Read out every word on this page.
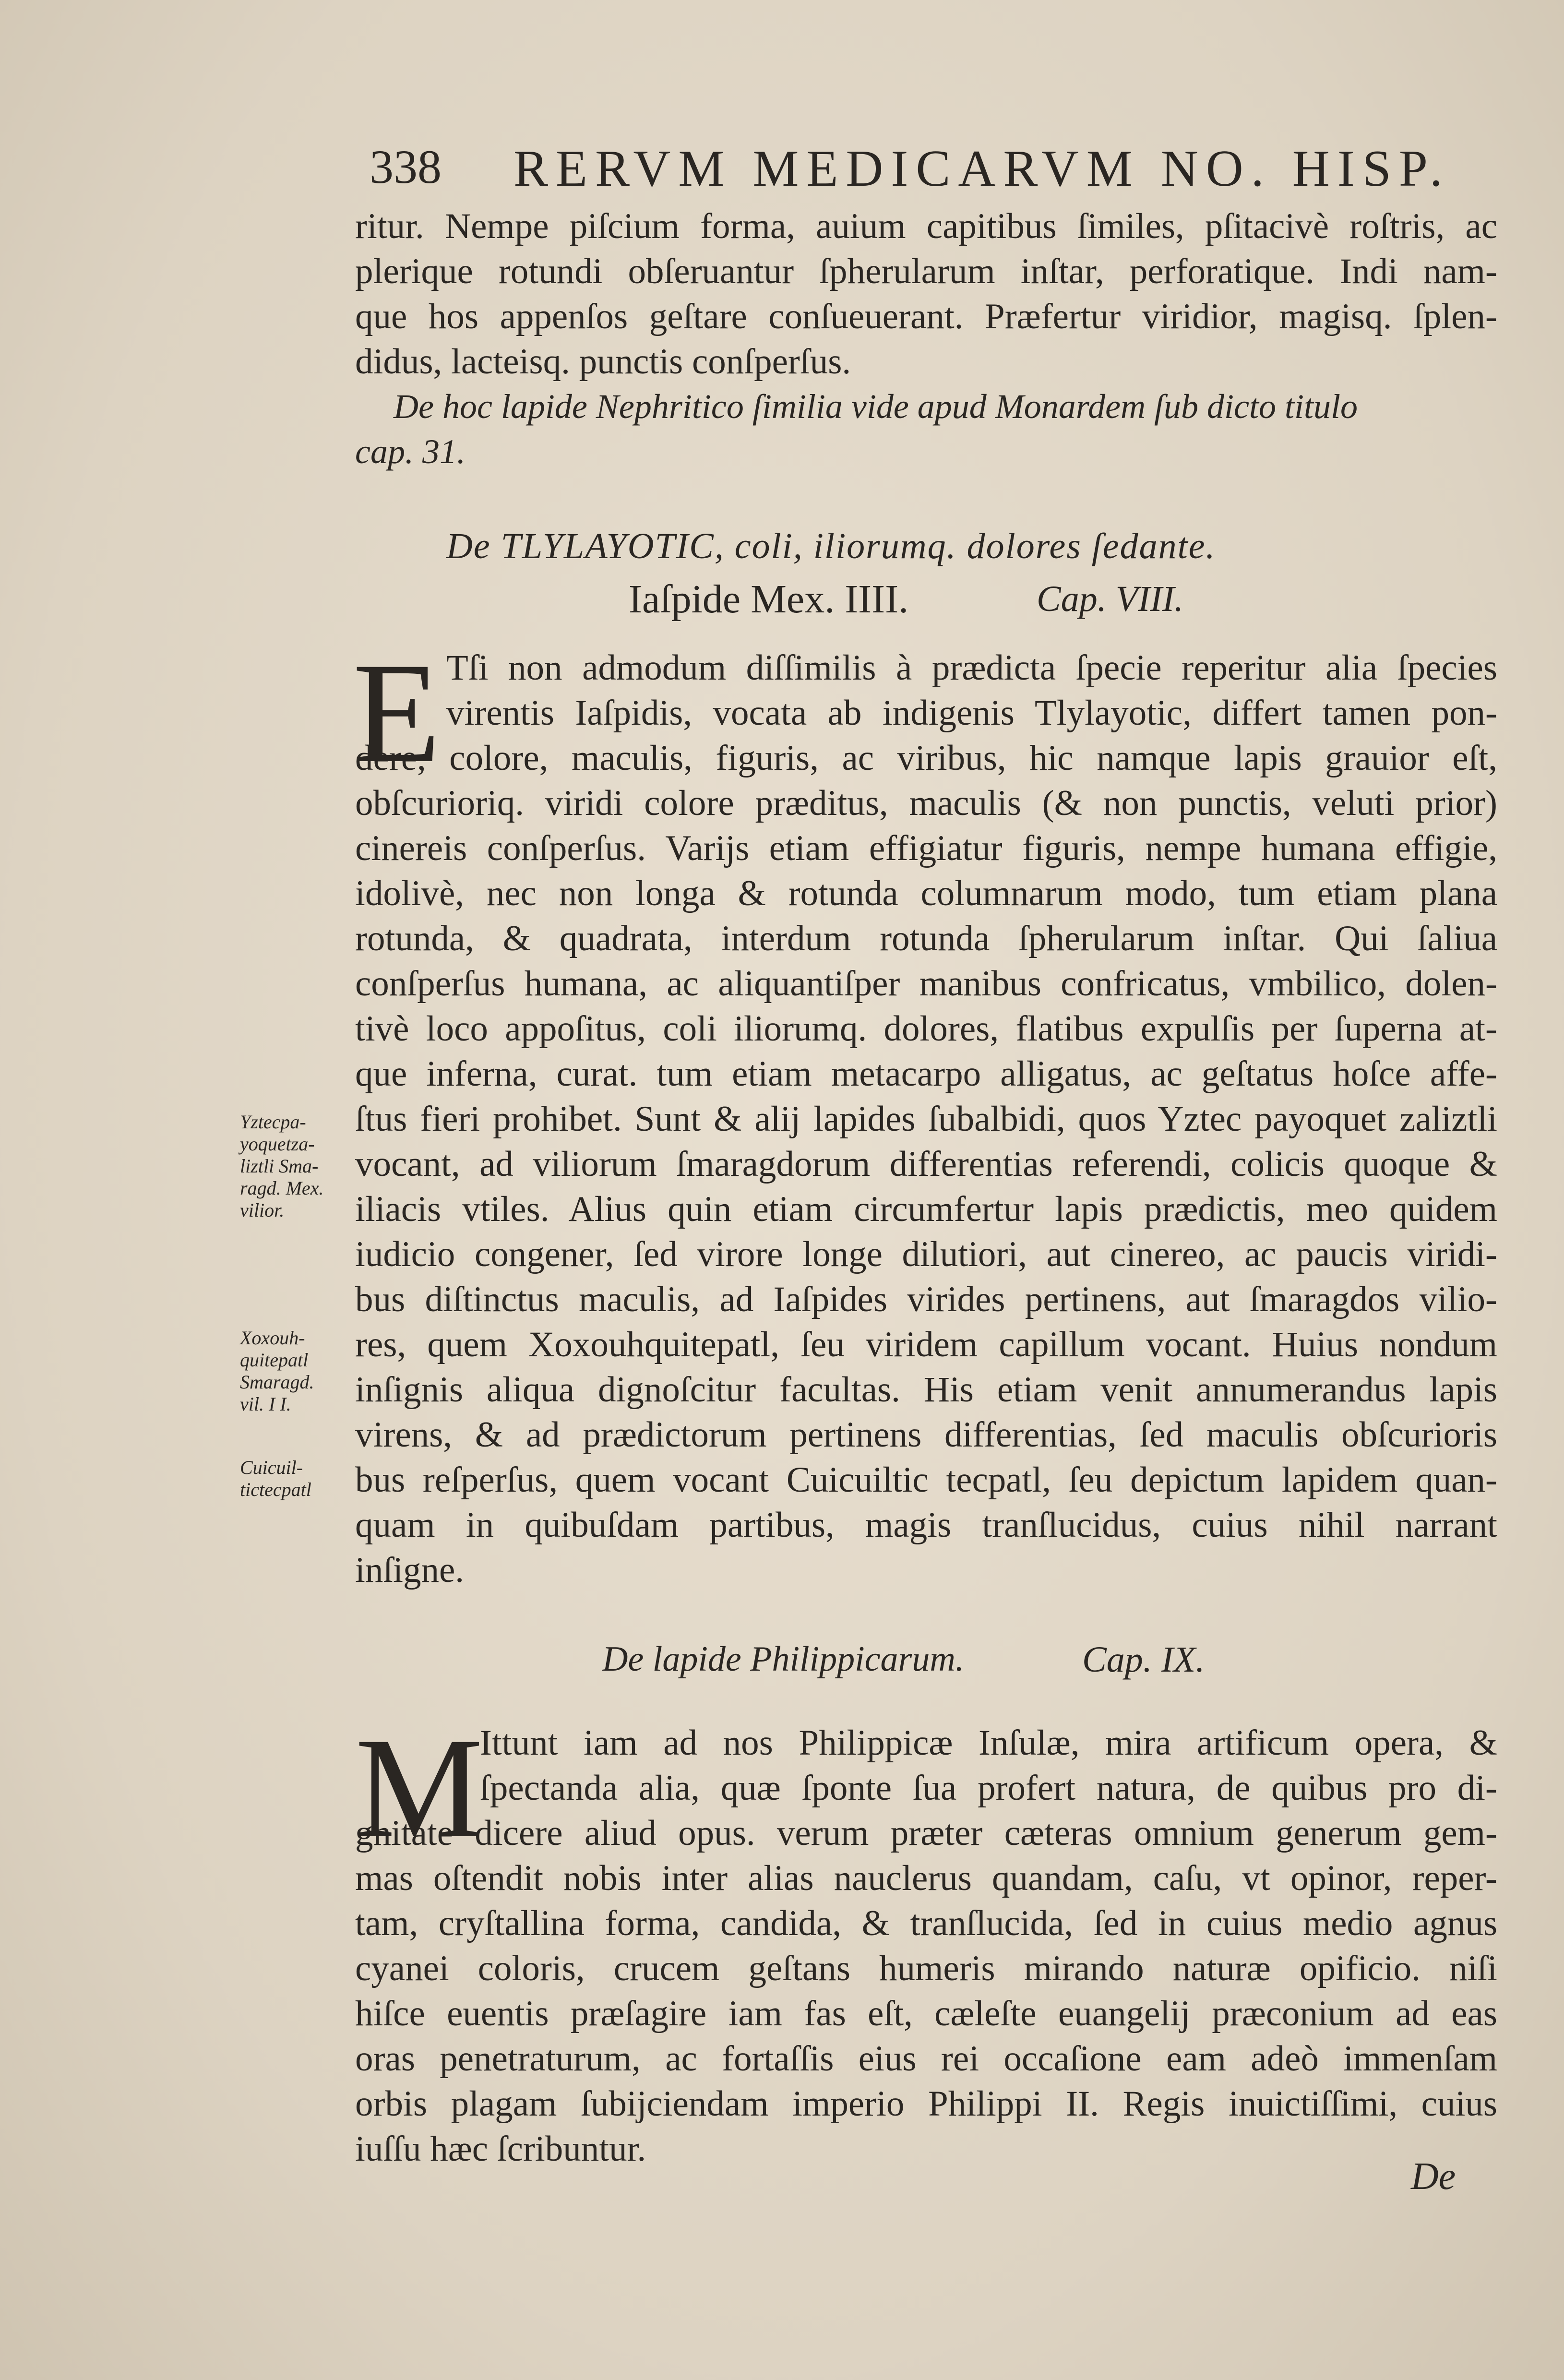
338 RERVM MEDICARVM NO. HISP.
ritur. Nempe piſcium forma, auium capitibus ſimiles, pſitacivè roſtris, ac
plerique rotundi obſeruantur ſpherularum inſtar, perforatique. Indi nam-
que hos appenſos geſtare conſueuerant. Præfertur viridior, magisq. ſplen-
didus, lacteisq. punctis conſperſus.
De hoc lapide Nephritico ſimilia vide apud Monardem ſub dicto titulo
cap. 31.
De TLYLAYOTIC, coli, iliorumq. dolores ſedante.
Iaſpide Mex. IIII.	Cap. VIII.
E Tſi non admodum diſſimilis à prædicta ſpecie reperitur alia ſpecies
virentis Iaſpidis, vocata ab indigenis Tlylayotic, differt tamen pon-
dere, colore, maculis, figuris, ac viribus, hic namque lapis grauior eſt,
obſcurioriq. viridi colore præditus, maculis (& non punctis, veluti prior)
cinereis conſperſus. Varijs etiam effigiatur figuris, nempe humana effigie,
idolivè, nec non longa & rotunda columnarum modo, tum etiam plana
rotunda, & quadrata, interdum rotunda ſpherularum inſtar. Qui ſaliua
conſperſus humana, ac aliquantiſper manibus confricatus, vmbilico, dolen-
tivè loco appoſitus, coli iliorumq. dolores, flatibus expulſis per ſuperna at-
que inferna, curat. tum etiam metacarpo alligatus, ac geſtatus hoſce affe-
ſtus fieri prohibet. Sunt & alij lapides ſubalbidi, quos Yztec payoquet zaliztli
vocant, ad viliorum ſmaragdorum differentias referendi, colicis quoque &
iliacis vtiles. Alius quin etiam circumfertur lapis prædictis, meo quidem
iudicio congener, ſed virore longe dilutiori, aut cinereo, ac paucis viridi-
bus diſtinctus maculis, ad Iaſpides virides pertinens, aut ſmaragdos vilio-
res, quem Xoxouhquitepatl, ſeu viridem capillum vocant. Huius nondum
inſignis aliqua dignoſcitur facultas. His etiam venit annumerandus lapis
virens, & ad prædictorum pertinens differentias, ſed maculis obſcurioris
bus reſperſus, quem vocant Cuicuiltic tecpatl, ſeu depictum lapidem quan-
quam in quibuſdam partibus, magis tranſlucidus, cuius nihil narrant
inſigne.
Yztecpa-
yoquetza-
liztli Sma-
ragd. Mex.
vilior.
Xoxouh-
quitepatl
Smaragd.
vil. I I.
Cuicuil-
tictecpatl
De lapide Philippicarum.	Cap. IX.
M
Ittunt iam ad nos Philippicæ Inſulæ, mira artificum opera, &
ſpectanda alia, quæ ſponte ſua profert natura, de quibus pro di-
gnitate dicere aliud opus. verum præter cæteras omnium generum gem-
mas oſtendit nobis inter alias nauclerus quandam, caſu, vt opinor, reper-
tam, cryſtallina forma, candida, & tranſlucida, ſed in cuius medio agnus
cyanei coloris, crucem geſtans humeris mirando naturæ opificio. niſi
hiſce euentis præſagire iam fas eſt, cæleſte euangelij præconium ad eas
oras penetraturum, ac fortaſſis eius rei occaſione eam adeò immenſam
orbis plagam ſubijciendam imperio Philippi II. Regis inuictiſſimi, cuius
iuſſu hæc ſcribuntur.
De
